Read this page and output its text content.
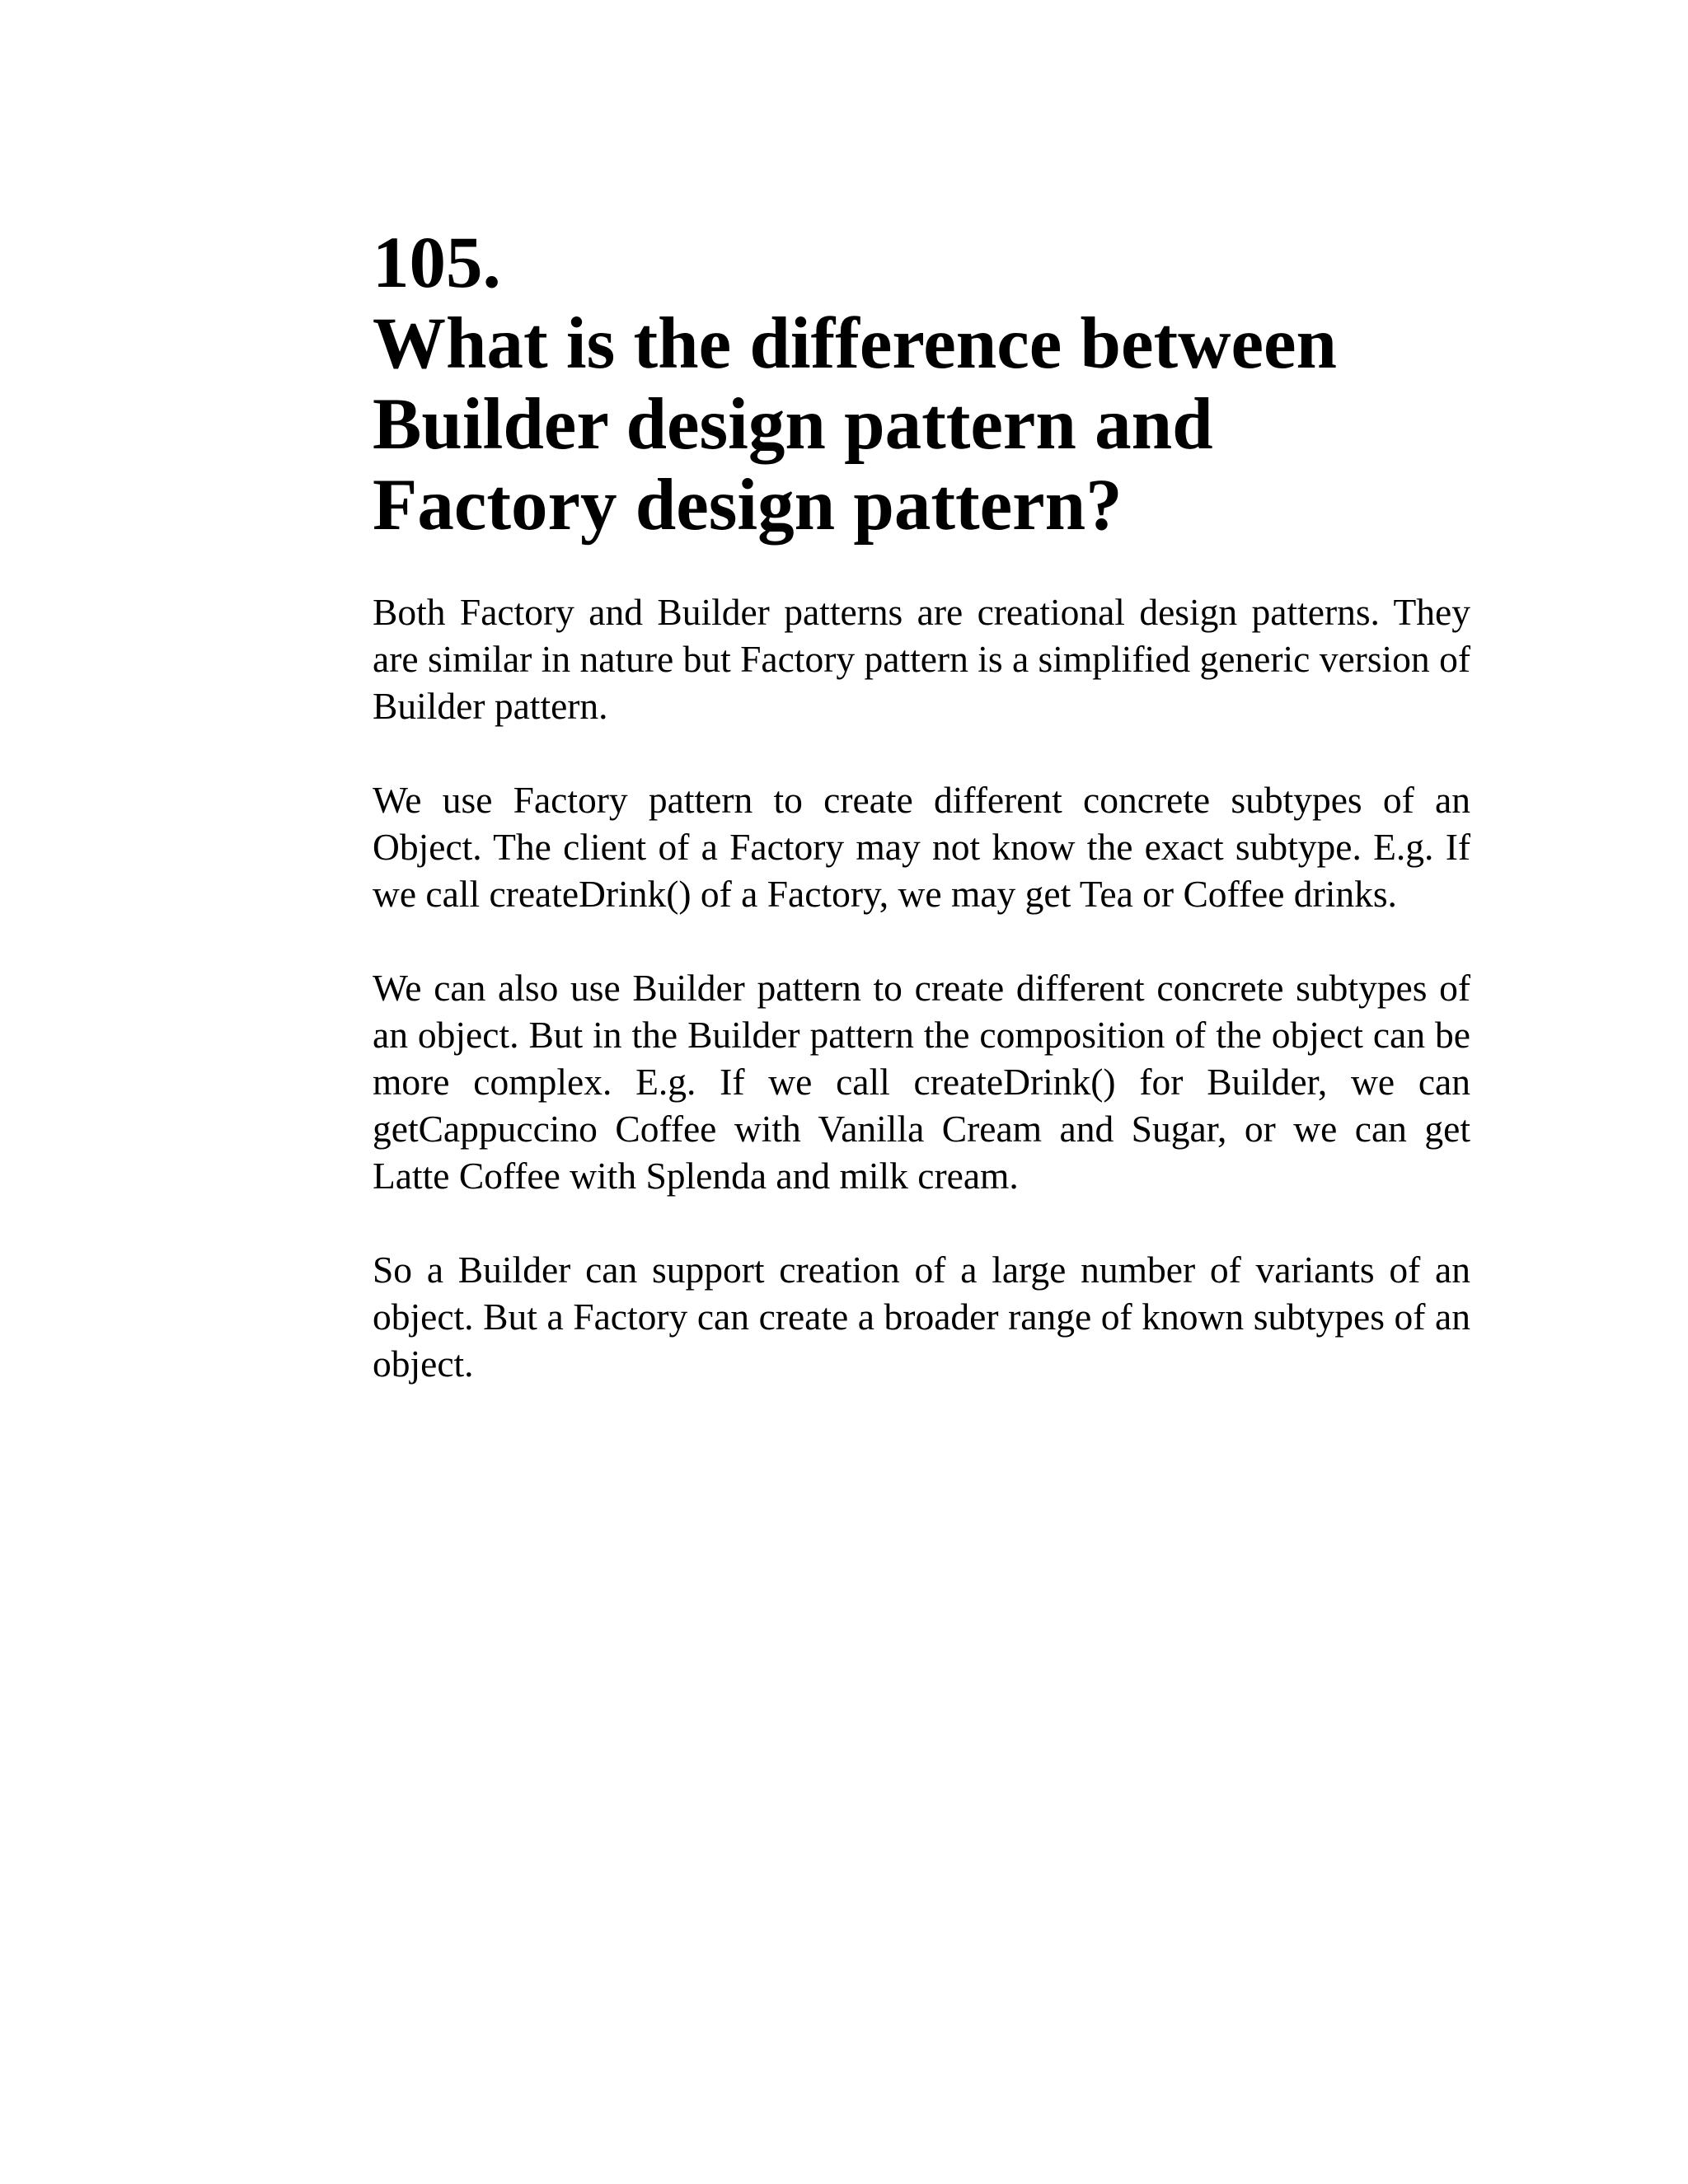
105.
What is the difference between Builder design pattern and Factory design pattern?

Both Factory and Builder patterns are creational design patterns. They are similar in nature but Factory pattern is a simplified generic version of Builder pattern.

We use Factory pattern to create different concrete subtypes of an Object. The client of a Factory may not know the exact subtype. E.g. If we call createDrink() of a Factory, we may get Tea or Coffee drinks.

We can also use Builder pattern to create different concrete subtypes of an object. But in the Builder pattern the composition of the object can be more complex. E.g. If we call createDrink() for Builder, we can getCappuccino Coffee with Vanilla Cream and Sugar, or we can get Latte Coffee with Splenda and milk cream.

So a Builder can support creation of a large number of variants of an object. But a Factory can create a broader range of known subtypes of an object.
